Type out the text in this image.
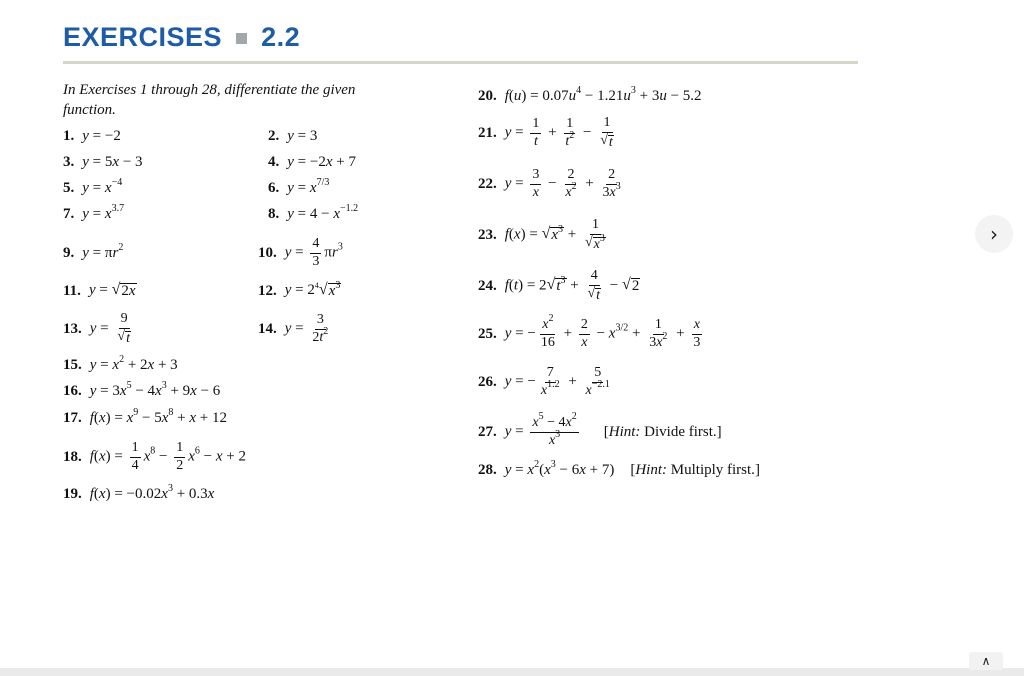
EXERCISES 2.2
In Exercises 1 through 28, differentiate the given function.
1. y = −2	2. y = 3
3. y = 5x − 3	4. y = −2x + 7
5. $y = x^{-4}$	6. $y = x^{7/3}$
7. $y = x^{3.7}$	8. $y = 4 - x^{-1.2}$
9. $y = \pi r^2$	10. $y = \frac{4}{3} \pi r^3$
11. y = √ 2x	12. y = 2 $^4$√ $x^3$
13. $y = \frac{9}{√ t}$	14. $y = \frac{3}{2t^2}$
15. $y = x^2 + 2x + 3$
16. $y = 3x^5 - 4x^3 + 9x - 6$
17. $f(x) = x^9 - 5x^8 + x + 12$
18. $f(x) = \frac{1}{4} x^8 - \frac{1}{2} x^6 - x + 2$
19. $f(x) = -0.02x^3 + 0.3x$
20. $f(u) = 0.07u^4 - 1.21u^3 + 3u - 5.2$
21. $y = \frac{1}{t} + \frac{1}{t^2} - \frac{1}{√ t}$
22. $y = \frac{3}{x} - \frac{2}{x^2} + \frac{2}{3x^3}$
23. f(x) = √ $x^3 + \frac{1}{√ x^3}$
24. f(t) = 2 √ $t^3 + \frac{4}{√ t}$ − √ 2
25. y = − $\frac{x^2}{16} + \frac{2}{x} - x^{3/2} + \frac{1}{3x^2} + \frac{x}{3}$
26. y = − $\frac{7}{x^{1.2}} + \frac{5}{x^{-2.1}}$
27. $y = \frac{x^5 - 4x^2}{x^3}$ [Hint: Divide first.]
28. $y = x^2(x^3 - 6x + 7)$ [Hint: Multiply first.]
›
∧
